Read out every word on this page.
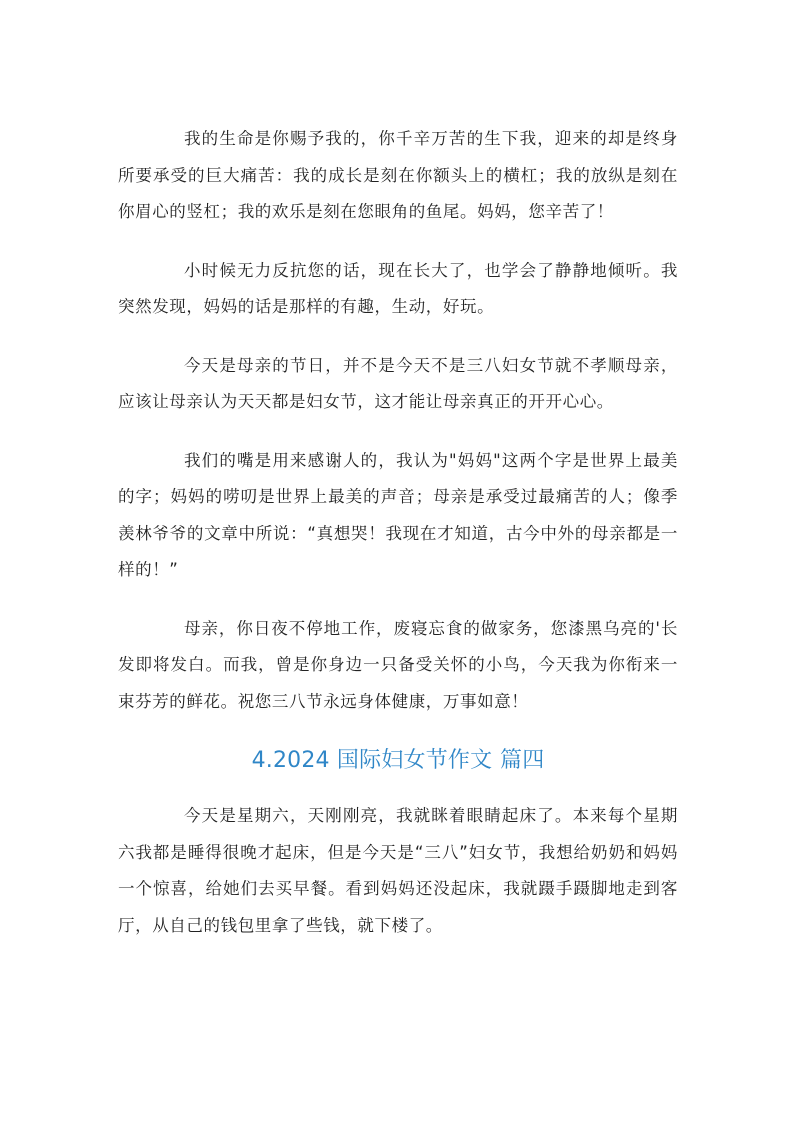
我的生命是你赐予我的，你千辛万苦的生下我，迎来的却是终身所要承受的巨大痛苦：我的成长是刻在你额头上的横杠；我的放纵是刻在你眉心的竖杠；我的欢乐是刻在您眼角的鱼尾。妈妈，您辛苦了！

小时候无力反抗您的话，现在长大了，也学会了静静地倾听。我突然发现，妈妈的话是那样的有趣，生动，好玩。

今天是母亲的节日，并不是今天不是三八妇女节就不孝顺母亲，应该让母亲认为天天都是妇女节，这才能让母亲真正的开开心心。

我们的嘴是用来感谢人的，我认为"妈妈"这两个字是世界上最美的字；妈妈的唠叨是世界上最美的声音；母亲是承受过最痛苦的人；像季羡林爷爷的文章中所说：“真想哭！我现在才知道，古今中外的母亲都是一样的！”

母亲，你日夜不停地工作，废寝忘食的做家务，您漆黑乌亮的'长发即将发白。而我，曾是你身边一只备受关怀的小鸟，今天我为你衔来一束芬芳的鲜花。祝您三八节永远身体健康，万事如意！

4.2024 国际妇女节作文 篇四

今天是星期六，天刚刚亮，我就眯着眼睛起床了。本来每个星期六我都是睡得很晚才起床，但是今天是“三八”妇女节，我想给奶奶和妈妈一个惊喜，给她们去买早餐。看到妈妈还没起床，我就蹑手蹑脚地走到客厅，从自己的钱包里拿了些钱，就下楼了。
